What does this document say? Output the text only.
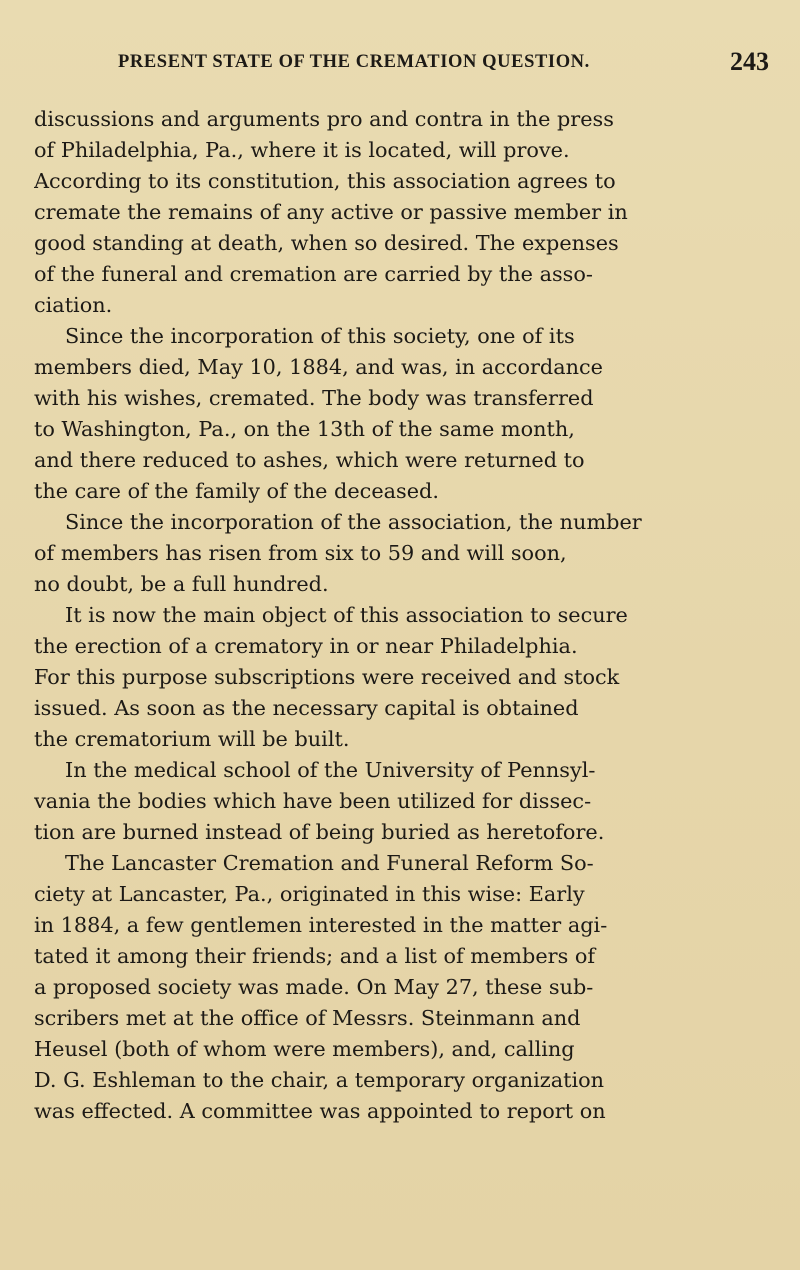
PRESENT STATE OF THE CREMATION QUESTION.	243
discussions and arguments pro and contra in the press
of Philadelphia, Pa., where it is located, will prove.
According to its constitution, this association agrees to
cremate the remains of any active or passive member in
good standing at death, when so desired. The expenses
of the funeral and cremation are carried by the asso-
ciation.
Since the incorporation of this society, one of its
members died, May 10, 1884, and was, in accordance
with his wishes, cremated. The body was transferred
to Washington, Pa., on the 13th of the same month,
and there reduced to ashes, which were returned to
the care of the family of the deceased.
Since the incorporation of the association, the number
of members has risen from six to 59 and will soon,
no doubt, be a full hundred.
It is now the main object of this association to secure
the erection of a crematory in or near Philadelphia.
For this purpose subscriptions were received and stock
issued. As soon as the necessary capital is obtained
the crematorium will be built.
In the medical school of the University of Pennsyl-
vania the bodies which have been utilized for dissec-
tion are burned instead of being buried as heretofore.
The Lancaster Cremation and Funeral Reform So-
ciety at Lancaster, Pa., originated in this wise: Early
in 1884, a few gentlemen interested in the matter agi-
tated it among their friends; and a list of members of
a proposed society was made. On May 27, these sub-
scribers met at the office of Messrs. Steinmann and
Heusel (both of whom were members), and, calling
D. G. Eshleman to the chair, a temporary organization
was effected. A committee was appointed to report on
